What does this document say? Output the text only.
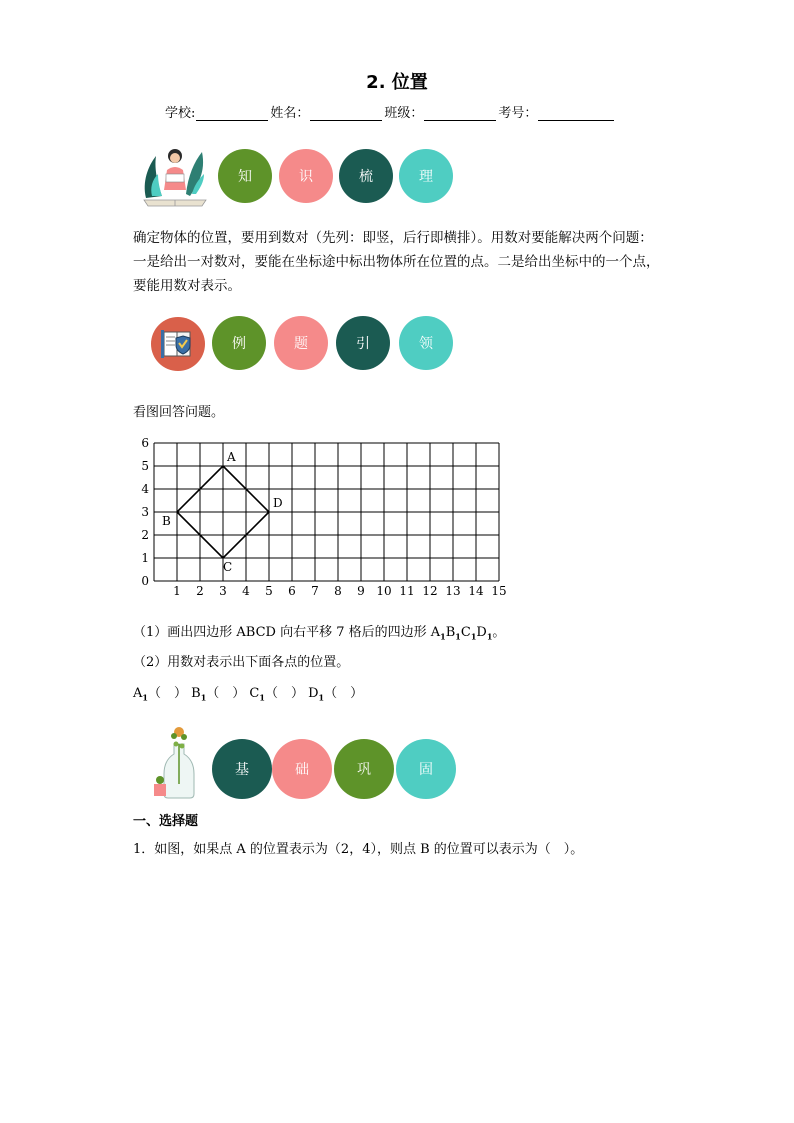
2. 位置
学校:	姓名：	班级：	考号：
知	识	梳	理
确定物体的位置，要用到数对（先列：即竖，后行即横排）。用数对要能解决两个问题：
一是给出一对数对，要能在坐标途中标出物体所在位置的点。二是给出坐标中的一个点，
要能用数对表示。
例	题	引	领
看图回答问题。
1 2 3 4 5 6 7 8 9 10 11 12 13 14 15
0
1
2
3
4
5
6
A
D
C
B
（1）画出四边形 ABCD 向右平移 7 格后的四边形 $A_1B_1C_1D_1$。
（2）用数对表示出下面各点的位置。
$A_1$（　） $B_1$（　） $C_1$（　） $D_1$（　）
基	础	巩	固
一、选择题
1．如图，如果点 A 的位置表示为（2，4），则点 B 的位置可以表示为（　）。
